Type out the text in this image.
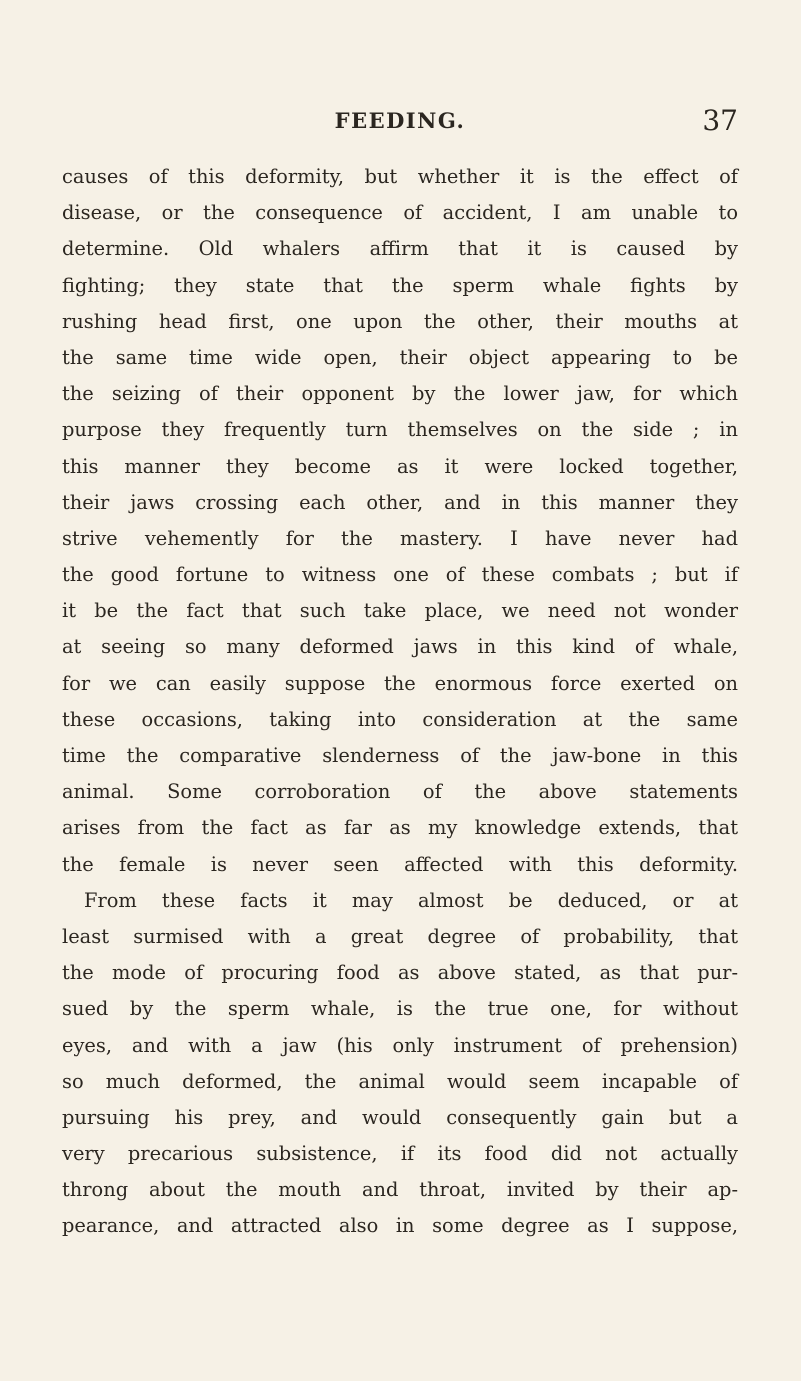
FEEDING.	37
causes of this deformity, but whether it is the effect of
disease, or the consequence of accident, I am unable to
determine. Old whalers affirm that it is caused by
fighting; they state that the sperm whale fights by
rushing head first, one upon the other, their mouths at
the same time wide open, their object appearing to be
the seizing of their opponent by the lower jaw, for which
purpose they frequently turn themselves on the side ; in
this manner they become as it were locked together,
their jaws crossing each other, and in this manner they
strive vehemently for the mastery. I have never had
the good fortune to witness one of these combats ; but if
it be the fact that such take place, we need not wonder
at seeing so many deformed jaws in this kind of whale,
for we can easily suppose the enormous force exerted on
these occasions, taking into consideration at the same
time the comparative slenderness of the jaw-bone in this
animal. Some corroboration of the above statements
arises from the fact as far as my knowledge extends, that
the female is never seen affected with this deformity.
From these facts it may almost be deduced, or at
least surmised with a great degree of probability, that
the mode of procuring food as above stated, as that pur-
sued by the sperm whale, is the true one, for without
eyes, and with a jaw (his only instrument of prehension)
so much deformed, the animal would seem incapable of
pursuing his prey, and would consequently gain but a
very precarious subsistence, if its food did not actually
throng about the mouth and throat, invited by their ap-
pearance, and attracted also in some degree as I suppose,
